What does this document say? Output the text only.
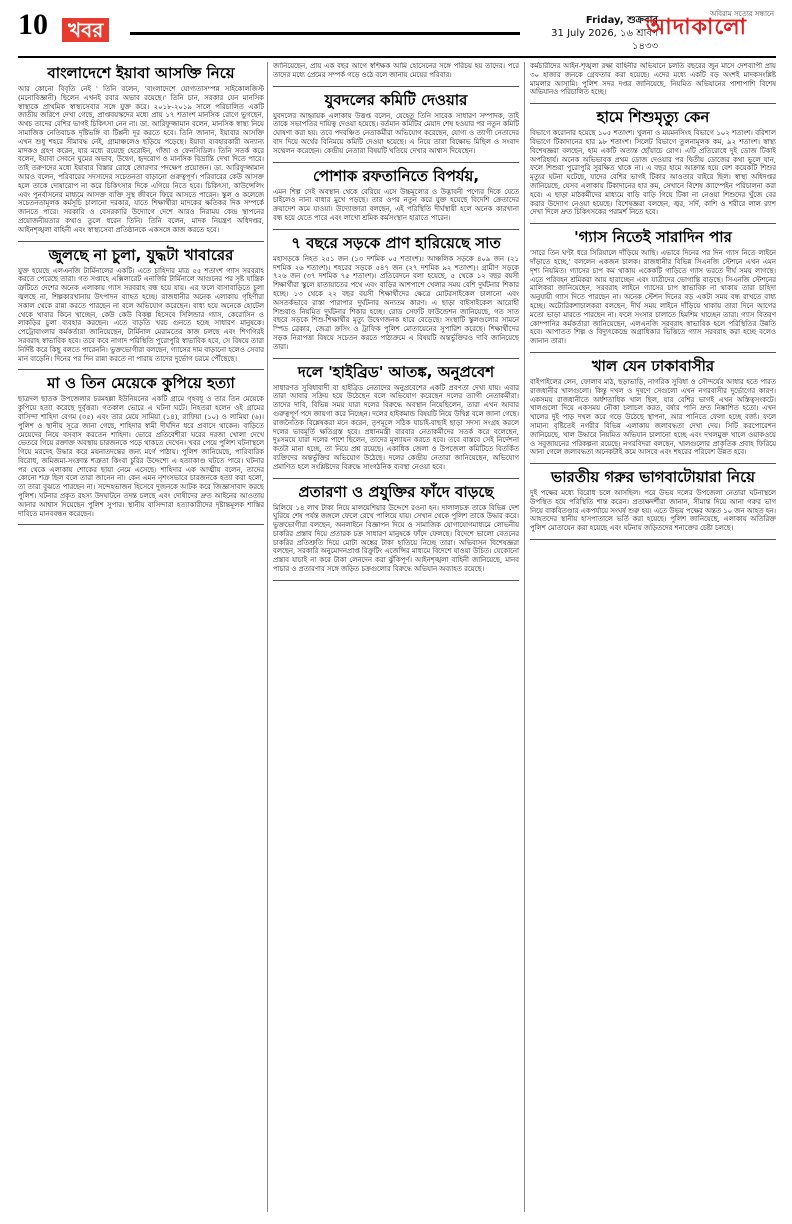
10	খবর	Friday, শুক্রবার
31 July 2026, ১৬ শ্রাবণ ১৪৩৩
অবিরাম সত্যের সন্ধানে
আদাকালো
বাংলাদেশে ইয়াবা আসক্তি নিয়ে

আর কোনো বিবৃতি নেই ' তিনি বলেন, 'বাংলাদেশে যোগ্যতাসম্পন্ন সাইকোলজিস্ট (মনোবিজ্ঞানী) ছিলেন এখনই রবার অভাব রয়েছে।' তিনি চান, সরকার যেন মানসিক স্বাস্থ্যকে প্রাথমিক স্বাস্থ্যসেবার সঙ্গে যুক্ত করে। ২০১৮-২০১৯ সালে পরিচালিত একটি জাতীয় জরিপে দেখা গেছে, প্রাপ্তবয়স্কদের মধ্যে প্রায় ১৭ শতাংশ মানসিক রোগে ভুগছেন, অথচ তাদের বেশির ভাগই চিকিৎসা নেন না। ডা. আরিফুজ্জামান বলেন, মানসিক স্বাস্থ্য নিয়ে সামাজিক নেতিবাচক দৃষ্টিভঙ্গি বা টিপ্পনী দূর করতে হবে। তিনি জানান, ইয়াবার আসক্তি এখন শুধু শহরে সীমাবদ্ধ নেই, গ্রামাঞ্চলেও ছড়িয়ে পড়েছে। ইয়াবা ব্যবহারকারী অন্যান্য মাদকও গ্রহণ করেন, যার মধ্যে রয়েছে হেরোইন, গাঁজা ও ফেনসিডিল। তিনি সতর্ক করে বলেন, ইয়াবা সেবনে ঘুমের অভাব, উদ্বেগ, হৃদরোগ ও মানসিক বিভ্রান্তি দেখা দিতে পারে। তাই তরুণদের মধ্যে ইয়াবার বিস্তার রোধে জোরদার পদক্ষেপ প্রয়োজন। ডা. আরিফুজ্জামান আরও বলেন, পরিবারের সদস্যদের সচেতনতা বাড়ানো গুরুত্বপূর্ণ। পরিবারের কেউ আসক্ত হলে তাকে দোষারোপ না করে চিকিৎসার দিকে এগিয়ে নিতে হবে। চিকিৎসা, কাউন্সেলিং এবং পুনর্বাসনের মাধ্যমে আসক্ত ব্যক্তি সুস্থ জীবনে ফিরে আসতে পারেন। স্কুল ও কলেজে সচেতনতামূলক কর্মসূচি চালানো দরকার, যাতে শিক্ষার্থীরা মাদকের ক্ষতিকর দিক সম্পর্কে জানতে পারে। সরকারি ও বেসরকারি উদ্যোগে দেশে আরও নিরাময় কেন্দ্র স্থাপনের প্রয়োজনীয়তার কথাও তুলে ধরেন তিনি। তিনি বলেন, মাদক নিয়ন্ত্রণ অধিদপ্তর, আইনশৃঙ্খলা বাহিনী এবং স্বাস্থ্যসেবা প্রতিষ্ঠানকে একসঙ্গে কাজ করতে হবে।

জুলছে না চুলা, যুদ্ধটা খাবারের

যুক্ত হয়েছে এলএনজি টার্মিনালের একটি। এতে চাহিদার মাত্র ৫৫ শতাংশ গ্যাস সরবরাহ করতে পেরেছে তারা। গত সপ্তাহে এক্সিলারেট এনার্জির টার্মিনালে আগুনের পর সৃষ্ট যান্ত্রিক ত্রুটিতে দেশের অনেক এলাকায় গ্যাস সরবরাহ বন্ধ হয়ে যায়। এর ফলে বাসাবাড়িতে চুলা জ্বলছে না, শিল্পকারখানায় উৎপাদন ব্যাহত হচ্ছে। রাজধানীর অনেক এলাকায় গৃহিণীরা সকাল থেকে রান্না করতে পারছেন না বলে অভিযোগ করেছেন। বাধ্য হয়ে অনেকে হোটেল থেকে খাবার কিনে খাচ্ছেন, কেউ কেউ বিকল্প হিসেবে সিলিন্ডার গ্যাস, কেরোসিন ও লাকড়ির চুলা ব্যবহার করছেন। এতে বাড়তি খরচ গুনতে হচ্ছে সাধারণ মানুষকে। পেট্রোবাংলার কর্মকর্তারা জানিয়েছেন, টার্মিনাল মেরামতের কাজ চলছে এবং শিগগিরই সরবরাহ স্বাভাবিক হবে। তবে কবে নাগাদ পরিস্থিতি পুরোপুরি স্বাভাবিক হবে, সে বিষয়ে তারা নির্দিষ্ট করে কিছু বলতে পারেননি। ভুক্তভোগীরা বলছেন, গ্যাসের দাম বাড়ানো হলেও সেবার মান বাড়েনি। দিনের পর দিন রান্না করতে না পারায় তাদের দুর্ভোগ চরমে পৌঁছেছে।

মা ও তিন মেয়েকে কুপিয়ে হত্যা

ছাত্রদল ছাতক উপজেলার চরমহল্লা ইউনিয়নের একটি গ্রামে গৃহবধূ ও তার তিন মেয়েকে কুপিয়ে হত্যা করেছে দুর্বৃত্তরা। গতকাল ভোরে এ ঘটনা ঘটে। নিহতরা হলেন ওই গ্রামের বাসিন্দা শাহিদা বেগম (৩৫) এবং তার মেয়ে সামিয়া (১৪), রাফিয়া (১০) ও লামিয়া (৬)। পুলিশ ও স্থানীয় সূত্রে জানা গেছে, শাহিদার স্বামী দীর্ঘদিন ধরে প্রবাসে থাকেন। বাড়িতে মেয়েদের নিয়ে বসবাস করতেন শাহিদা। ভোরে প্রতিবেশীরা ঘরের দরজা খোলা দেখে ভেতরে গিয়ে রক্তাক্ত অবস্থায় চারজনকে পড়ে থাকতে দেখেন। খবর পেয়ে পুলিশ ঘটনাস্থলে গিয়ে মরদেহ উদ্ধার করে ময়নাতদন্তের জন্য মর্গে পাঠায়। পুলিশ জানিয়েছে, পারিবারিক বিরোধ, জমিজমা-সংক্রান্ত শত্রুতা কিংবা চুরির উদ্দেশ্যে এ হত্যাকাণ্ড ঘটতে পারে। ঘটনার পর থেকে এলাকায় শোকের ছায়া নেমে এসেছে। শাহিদার এক আত্মীয় বলেন, তাদের কোনো শত্রু ছিল বলে তারা জানেন না। কেন এমন নৃশংসভাবে চারজনকে হত্যা করা হলো, তা তারা বুঝতে পারছেন না। সন্দেহভাজন হিসেবে দুজনকে আটক করে জিজ্ঞাসাবাদ করছে পুলিশ। ঘটনার প্রকৃত রহস্য উদঘাটনে তদন্ত চলছে এবং দোষীদের দ্রুত আইনের আওতায় আনার আশ্বাস দিয়েছেন পুলিশ সুপার। স্থানীয় বাসিন্দারা হত্যাকারীদের দৃষ্টান্তমূলক শাস্তির দাবিতে মানববন্ধন করেছেন।

জানিয়েছেন, প্রায় এক বছর আগে স্বশিক্ষক আমি হোসেনের সঙ্গে পরিচয় হয় তাদের। পরে তাদের মধ্যে প্রেমের সম্পর্ক গড়ে ওঠে বলে জানায় মেয়ের পরিবার।

যুবদলের কমিটি দেওয়ার

যুবদলের আহ্বায়ক এলাকায় উত্তপ্ত বলেন, যেহেতু তিনি সাবেক সাধারণ সম্পাদক, তাই তাকে সভাপতির দায়িত্ব দেওয়া হয়েছে। বর্তমান কমিটির মেয়াদ শেষ হওয়ার পর নতুন কমিটি ঘোষণা করা হয়। তবে পদবঞ্চিত নেতাকর্মীরা অভিযোগ করেছেন, যোগ্য ও ত্যাগী নেতাদের বাদ দিয়ে অর্থের বিনিময়ে কমিটি দেওয়া হয়েছে। এ নিয়ে তারা বিক্ষোভ মিছিল ও সংবাদ সম্মেলন করেছেন। কেন্দ্রীয় নেতারা বিষয়টি খতিয়ে দেখার আশ্বাস দিয়েছেন।

পোশাক রফতানিতে বিপর্যয়,

এমন শিল্প সেই অবস্থান থেকে বেরিয়ে এসে উচ্চমূল্যের ও উদ্ভাবনী পণ্যের দিকে যেতে চাইলেও নানা বাধার মুখে পড়ছে। তার ওপর নতুন করে যুক্ত হয়েছে বিদেশি ক্রেতাদের ক্রয়াদেশ কমে যাওয়া। উদ্যোক্তারা বলছেন, এই পরিস্থিতি দীর্ঘস্থায়ী হলে অনেক কারখানা বন্ধ হয়ে যেতে পারে এবং লাখো শ্রমিক কর্মসংস্থান হারাতে পারেন।

৭ বছরে সড়কে প্রাণ হারিয়েছে সাত

মহাসড়কে নিহত ২৫১ জন (১৩ দশমিক ০৫ শতাংশ)। আঞ্চলিক সড়কে ৪০৯ জন (২১ দশমিক ২৬ শতাংশ)। শহরের সড়কে ৫৪৭ জন (২৭ দশমিক ৯২ শতাংশ)। গ্রামীণ সড়কে ৭২৬ জন (৩৭ দশমিক ৭৫ শতাংশ)। প্রতিবেদনে বলা হয়েছে, ৫ থেকে ১২ বছর বয়সী শিক্ষার্থীরা স্কুলে যাতায়াতের পথে এবং বাড়ির আশপাশে খেলার সময় বেশি দুর্ঘটনার শিকার হচ্ছে। ১৩ থেকে ২২ বছর বয়সী শিক্ষার্থীদের ক্ষেত্রে মোটরসাইকেল চালানো এবং অসতর্কভাবে রাস্তা পারাপার দুর্ঘটনার অন্যতম কারণ। এ ছাড়া বাইসাইকেল আরোহী শিশুরাও নিয়মিত দুর্ঘটনার শিকার হচ্ছে। রোড সেফটি ফাউন্ডেশন জানিয়েছে, গত সাত বছরে সড়কে শিশু-শিক্ষার্থীর মৃত্যু উদ্বেগজনক হারে বেড়েছে। সংস্থাটি স্কুলগুলোর সামনে স্পিড ব্রেকার, জেব্রা ক্রসিং ও ট্রাফিক পুলিশ মোতায়েনের সুপারিশ করেছে। শিক্ষার্থীদের সড়ক নিরাপত্তা বিষয়ে সচেতন করতে পাঠ্যক্রমে এ বিষয়টি অন্তর্ভুক্তিরও দাবি জানিয়েছে তারা।

দলে 'হাইব্রিড' আতঙ্ক, অনুপ্রবেশ

সাধারণত সুবিধাবাদী বা হাইব্রিড নেতাদের অনুপ্রবেশের একটি প্রবণতা দেখা যায়। এবার তারা আবার সক্রিয় হয়ে উঠেছেন বলে অভিযোগ করেছেন দলের ত্যাগী নেতাকর্মীরা। তাদের দাবি, বিভিন্ন সময় যারা দলের বিরুদ্ধে অবস্থান নিয়েছিলেন, তারা এখন আবার গুরুত্বপূর্ণ পদে জায়গা করে নিচ্ছেন। দলের হাইকমান্ড বিষয়টি নিয়ে উদ্বিগ্ন বলে জানা গেছে। রাজনৈতিক বিশ্লেষকরা মনে করেন, তৃণমূলে সঠিক যাচাই-বাছাই ছাড়া সদস্য সংগ্রহ করলে দলের ভাবমূর্তি ক্ষতিগ্রস্ত হবে। প্রধানমন্ত্রী বারবার নেতাকর্মীদের সতর্ক করে বলেছেন, দুঃসময়ে যারা দলের পাশে ছিলেন, তাদের মূল্যায়ন করতে হবে। তবে বাস্তবে সেই নির্দেশনা কতটা মানা হচ্ছে, তা নিয়ে প্রশ্ন রয়েছে। একাধিক জেলা ও উপজেলা কমিটিতে বিতর্কিত ব্যক্তিদের অন্তর্ভুক্তির অভিযোগ উঠেছে। দলের কেন্দ্রীয় নেতারা জানিয়েছেন, অভিযোগ প্রমাণিত হলে সংশ্লিষ্টদের বিরুদ্ধে সাংগঠনিক ব্যবস্থা নেওয়া হবে।

প্রতারণা ও প্রযুক্তির ফাঁদে বাড়ছে

মিলিয়ে ১৪ লাখ টাকা নিয়ে মালয়েশিয়ার উদ্দেশে রওনা হন। দালালচক্র তাকে বিভিন্ন দেশ ঘুরিয়ে শেষ পর্যন্ত জঙ্গলে ফেলে রেখে পালিয়ে যায়। সেখান থেকে পুলিশ তাকে উদ্ধার করে। ভুক্তভোগীরা বলছেন, অনলাইনে বিজ্ঞাপন দিয়ে ও সামাজিক যোগাযোগমাধ্যমে লোভনীয় চাকরির প্রস্তাব দিয়ে প্রতারক চক্র সাধারণ মানুষকে ফাঁদে ফেলছে। বিদেশে ভালো বেতনের চাকরির প্রতিশ্রুতি দিয়ে মোটা অঙ্কের টাকা হাতিয়ে নিচ্ছে তারা। অভিবাসন বিশেষজ্ঞরা বলছেন, সরকারি অনুমোদনপ্রাপ্ত রিক্রুটিং এজেন্সির মাধ্যমে বিদেশে যাওয়া উচিত। যেকোনো প্রস্তাব যাচাই না করে টাকা লেনদেন করা ঝুঁকিপূর্ণ। আইনশৃঙ্খলা বাহিনী জানিয়েছে, মানব পাচার ও প্রতারণার সঙ্গে জড়িত চক্রগুলোর বিরুদ্ধে অভিযান অব্যাহত রয়েছে।

কর্মচারীদের আইন-শৃঙ্খলা রক্ষা বাহিনীর অভিযানে চলতি বছরের জুন মাসে দেশব্যাপী প্রায় ৩০ হাজার জনকে গ্রেফতার করা হয়েছে। এদের মধ্যে একটি বড় অংশই মাদকসংশ্লিষ্ট মামলার আসামি। পুলিশ সদর দপ্তর জানিয়েছে, নিয়মিত অভিযানের পাশাপাশি বিশেষ অভিযানও পরিচালিত হচ্ছে।

হামে শিশুমৃত্যু কেন

বিভাগে করোনার হয়েছে ১০৫ শতাংশ। খুলনা ও ময়মনসিংহ বিভাগে ১০২ শতাংশ। বরিশাল বিভাগে টিকাদানের হার ৯৮ শতাংশ। সিলেট বিভাগে তুলনামূলক কম, ৯২ শতাংশ। স্বাস্থ্য বিশেষজ্ঞরা বলছেন, হাম একটি অত্যন্ত ছোঁয়াচে রোগ। এটি প্রতিরোধে দুই ডোজ টিকাই অপরিহার্য। অনেক অভিভাবক প্রথম ডোজ দেওয়ার পর দ্বিতীয় ডোজের কথা ভুলে যান, ফলে শিশুরা পুরোপুরি সুরক্ষিত থাকে না। এ বছর হামে আক্রান্ত হয়ে বেশ কয়েকটি শিশুর মৃত্যুর ঘটনা ঘটেছে, যাদের বেশির ভাগই টিকার আওতার বাইরে ছিল। স্বাস্থ্য অধিদপ্তর জানিয়েছে, যেসব এলাকায় টিকাদানের হার কম, সেখানে বিশেষ ক্যাম্পেইন পরিচালনা করা হবে। এ ছাড়া মাঠকর্মীদের মাধ্যমে বাড়ি বাড়ি গিয়ে টিকা না নেওয়া শিশুদের খুঁজে বের করার উদ্যোগ নেওয়া হয়েছে। বিশেষজ্ঞরা বলছেন, জ্বর, সর্দি, কাশি ও শরীরে লাল র‍্যাশ দেখা দিলে দ্রুত চিকিৎসকের পরামর্শ নিতে হবে।

'গ্যাস নিতেই সারাদিন পার

'সারে তিন ঘণ্টা ধরে সিরিয়ালে দাঁড়িয়ে আছি। এভাবে দিনের পর দিন গ্যাস নিতে লাইনে দাঁড়াতে হচ্ছে,' বললেন একজন চালক। রাজধানীর বিভিন্ন সিএনজি স্টেশনে এখন এমন দৃশ্য নিয়মিত। গ্যাসের চাপ কম থাকায় একেকটি গাড়িতে গ্যাস ভরতে দীর্ঘ সময় লাগছে। এতে পরিবহন শ্রমিকরা আয় হারাচ্ছেন এবং যাত্রীদের ভোগান্তি বাড়ছে। সিএনজি স্টেশনের মালিকরা জানিয়েছেন, সরবরাহ লাইনে গ্যাসের চাপ স্বাভাবিক না থাকায় তারা চাহিদা অনুযায়ী গ্যাস দিতে পারছেন না। অনেক স্টেশন দিনের বড় একটা সময় বন্ধ রাখতে বাধ্য হচ্ছে। অটোরিকশাচালকরা বলছেন, দীর্ঘ সময় লাইনে দাঁড়িয়ে থাকায় তারা দিনে আগের মতো ভাড়া মারতে পারছেন না। ফলে সংসার চালাতে হিমশিম খাচ্ছেন তারা। গ্যাস বিতরণ কোম্পানির কর্মকর্তারা জানিয়েছেন, এলএনজি সরবরাহ স্বাভাবিক হলে পরিস্থিতির উন্নতি হবে। আপাতত শিল্প ও বিদ্যুৎকেন্দ্রে অগ্রাধিকার ভিত্তিতে গ্যাস সরবরাহ করা হচ্ছে বলেও জানান তারা।

খাল যেন ঢাকাবাসীর

বাইপাইলের লেন, ফোলাব মাঠ, ছড়াভাড়ি, নাগরিক সুবিধা ও সৌন্দর্যের আধার হতে পারত রাজধানীর খালগুলো। কিন্তু দখল ও দূষণে সেগুলো এখন নগরবাসীর দুর্ভোগের কারণ। একসময় রাজধানীতে অর্ধশতাধিক খাল ছিল, যার বেশির ভাগই এখন অস্তিত্বসংকটে। খালগুলো দিয়ে একসময় নৌকা চলাচল করত, বর্ষার পানি দ্রুত নিষ্কাশিত হতো। এখন খালের দুই পাড় দখল করে গড়ে উঠেছে স্থাপনা, আর পানিতে ফেলা হচ্ছে বর্জ্য। ফলে সামান্য বৃষ্টিতেই নগরীর বিভিন্ন এলাকায় জলাবদ্ধতা দেখা দেয়। সিটি করপোরেশন জানিয়েছে, খাল উদ্ধারে নিয়মিত অভিযান চালানো হচ্ছে এবং দখলমুক্ত খালে ওয়াকওয়ে ও সবুজায়নের পরিকল্পনা রয়েছে। নগরবিদরা বলছেন, খালগুলোর প্রাকৃতিক প্রবাহ ফিরিয়ে আনা গেলে জলাবদ্ধতা অনেকটাই কমে আসবে এবং শহরের পরিবেশ উন্নত হবে।

ভারতীয় গরুর ভাগবাটোয়ারা নিয়ে

দুই পক্ষের মধ্যে বিরোধ চলে আসছিল। পরে উভয় দলের উপজেলা নেতারা ঘটনাস্থলে উপস্থিত হয়ে পরিস্থিতি শান্ত করেন। প্রত্যক্ষদর্শীরা জানান, সীমান্ত দিয়ে আনা গরুর ভাগ নিয়ে বাকবিতণ্ডার একপর্যায়ে সংঘর্ষ শুরু হয়। এতে উভয় পক্ষের অন্তত ১০ জন আহত হন। আহতদের স্থানীয় হাসপাতালে ভর্তি করা হয়েছে। পুলিশ জানিয়েছে, এলাকায় অতিরিক্ত পুলিশ মোতায়েন করা হয়েছে এবং ঘটনায় জড়িতদের শনাক্তের চেষ্টা চলছে।
